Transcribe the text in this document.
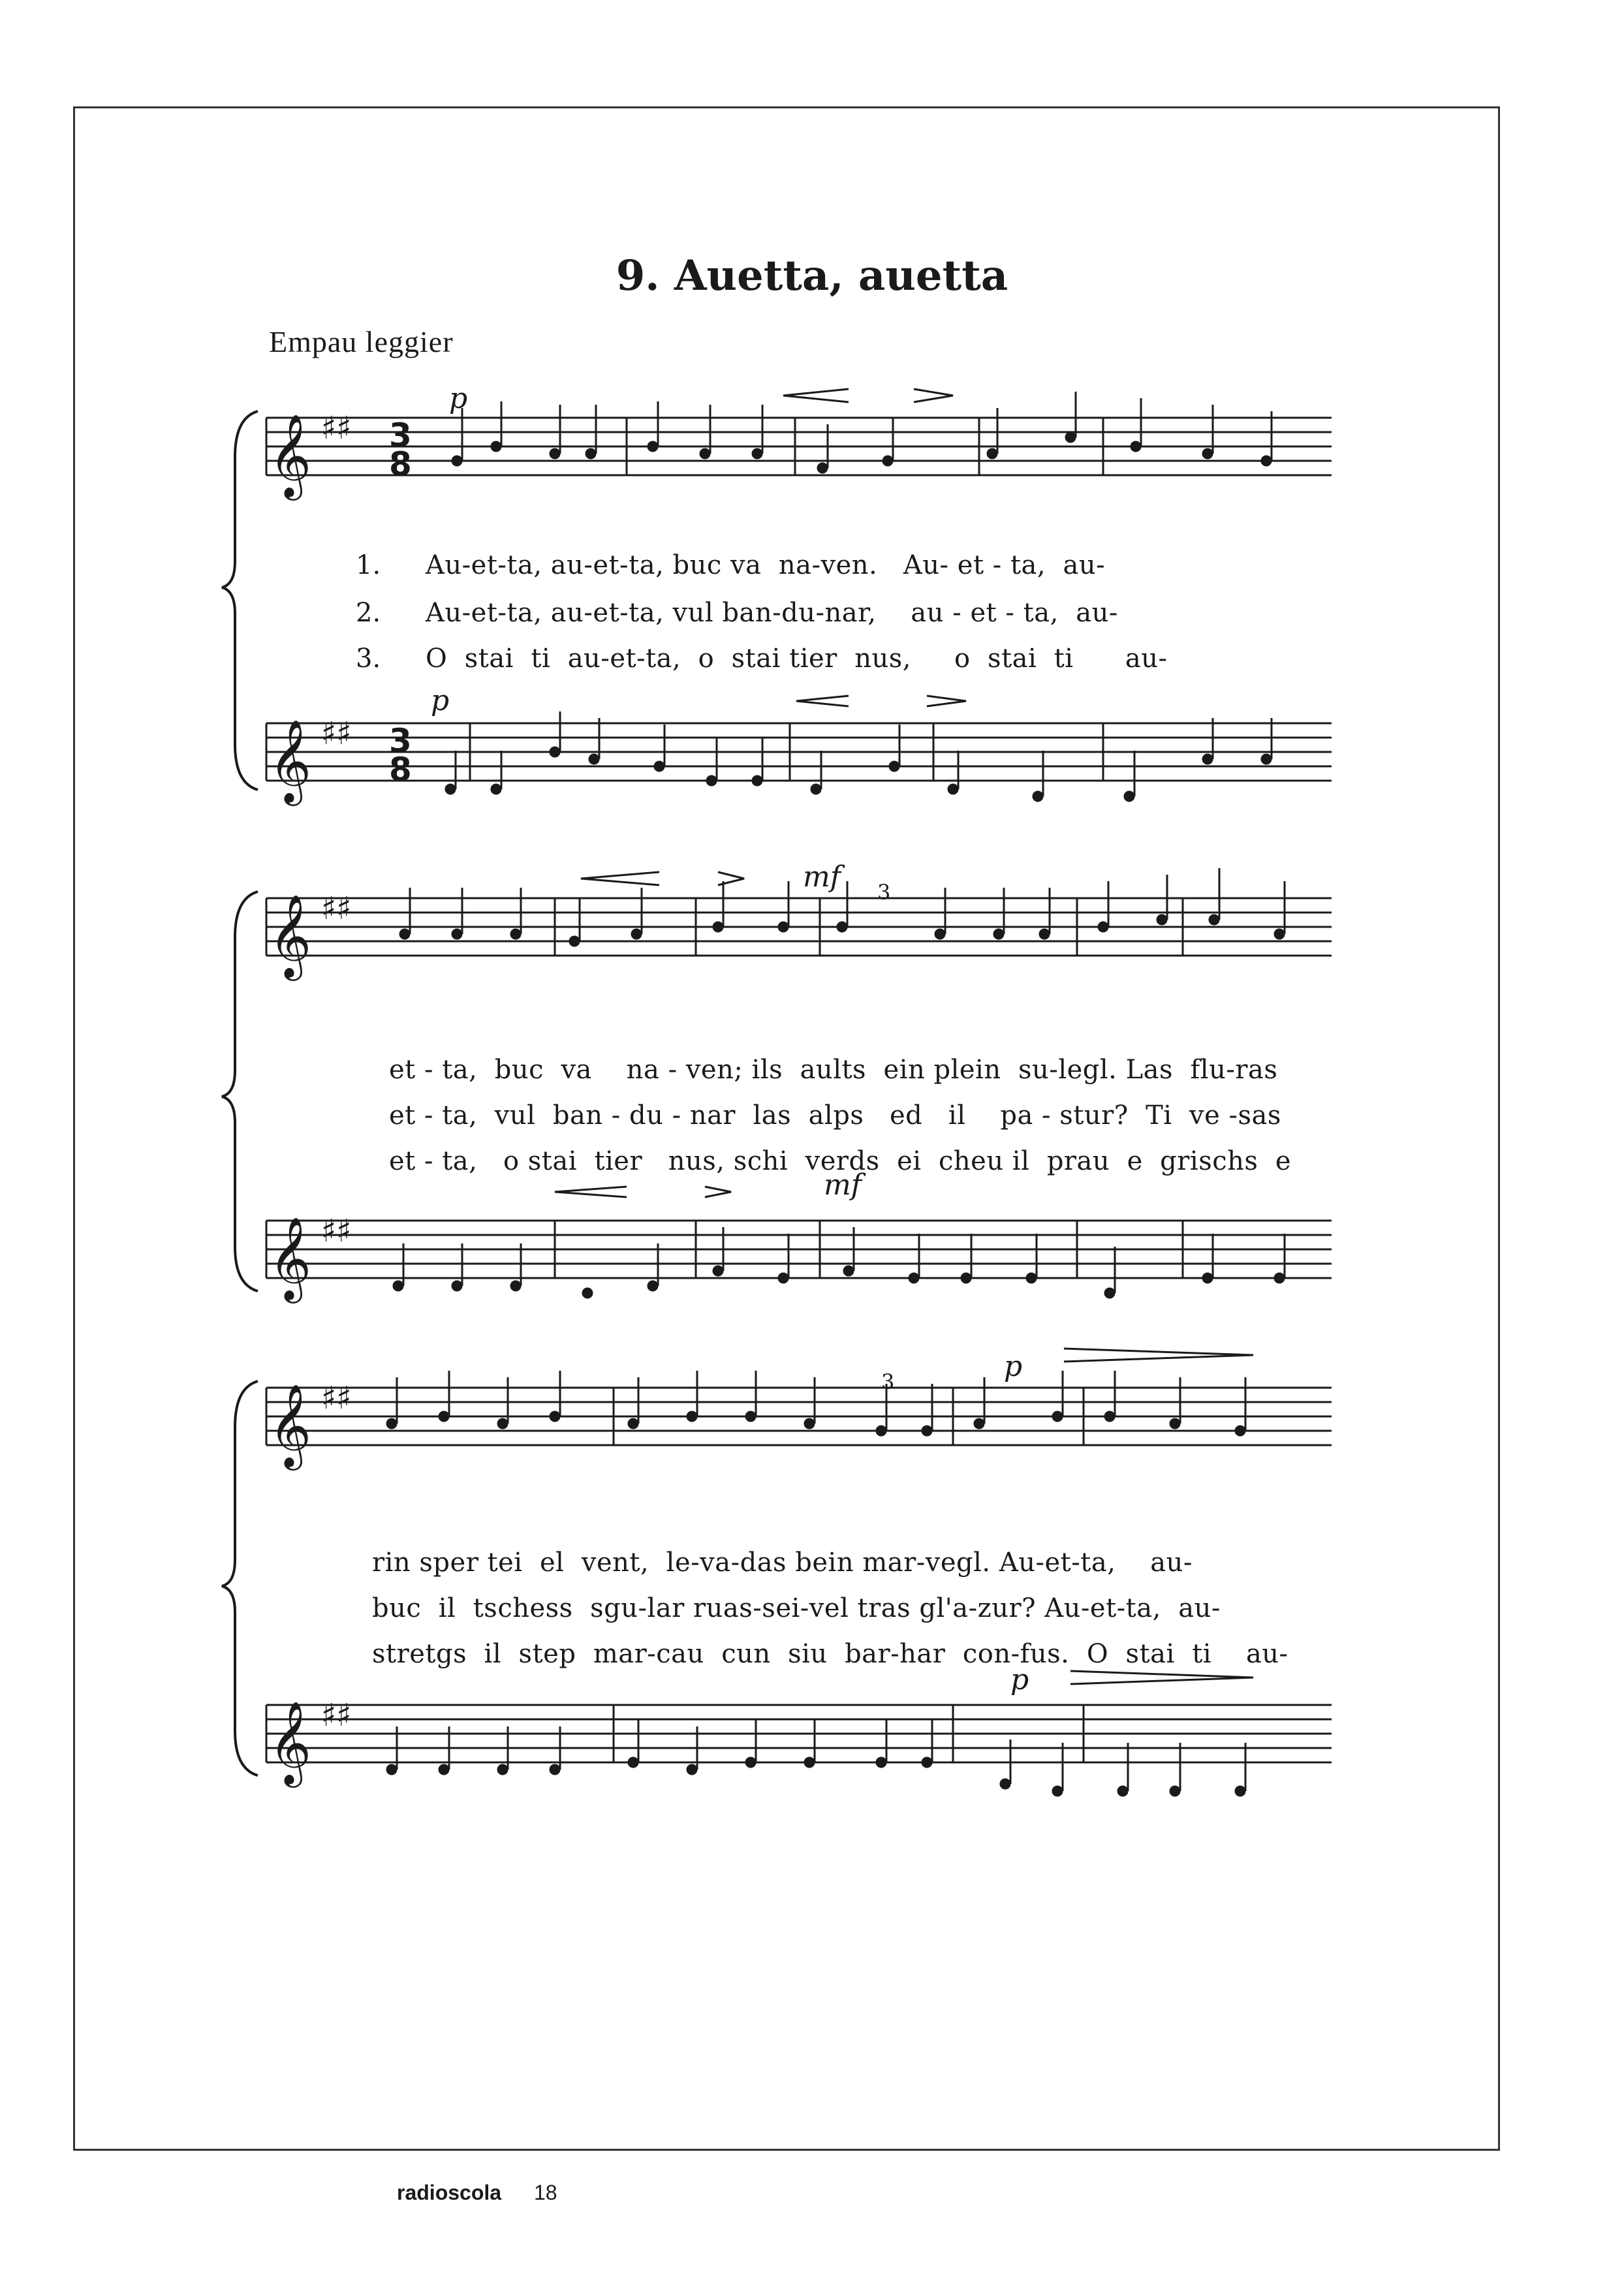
9. Auetta, auetta
Empau leggier
𝄞
𝄞
𝄞
𝄞
𝄞
𝄞
♯♯
♯♯
♯♯
♯♯
♯♯
♯♯
3
8
3
8
p
p
mf
mf
p
p
3
3
1.
2.
3.
Au-et-ta, au-et-ta, buc va  na-ven.   Au- et - ta,  au-
Au-et-ta, au-et-ta, vul ban-du-nar,    au - et - ta,  au-
O  stai  ti  au-et-ta,  o  stai tier  nus,     o  stai  ti      au-
et - ta,  buc  va    na - ven; ils  aults  ein plein  su-legl. Las  flu-ras
et - ta,  vul  ban - du - nar  las  alps   ed   il    pa - stur?  Ti  ve -sas
et - ta,   o stai  tier   nus, schi  verds  ei  cheu il  prau  e  grischs  e
rin sper tei  el  vent,  le-va-das bein mar-vegl. Au-et-ta,    au-
buc  il  tschess  sgu-lar ruas-sei-vel tras gl'a-zur? Au-et-ta,  au-
stretgs  il  step  mar-cau  cun  siu  bar-har  con-fus.  O  stai  ti    au-
radioscola 18
